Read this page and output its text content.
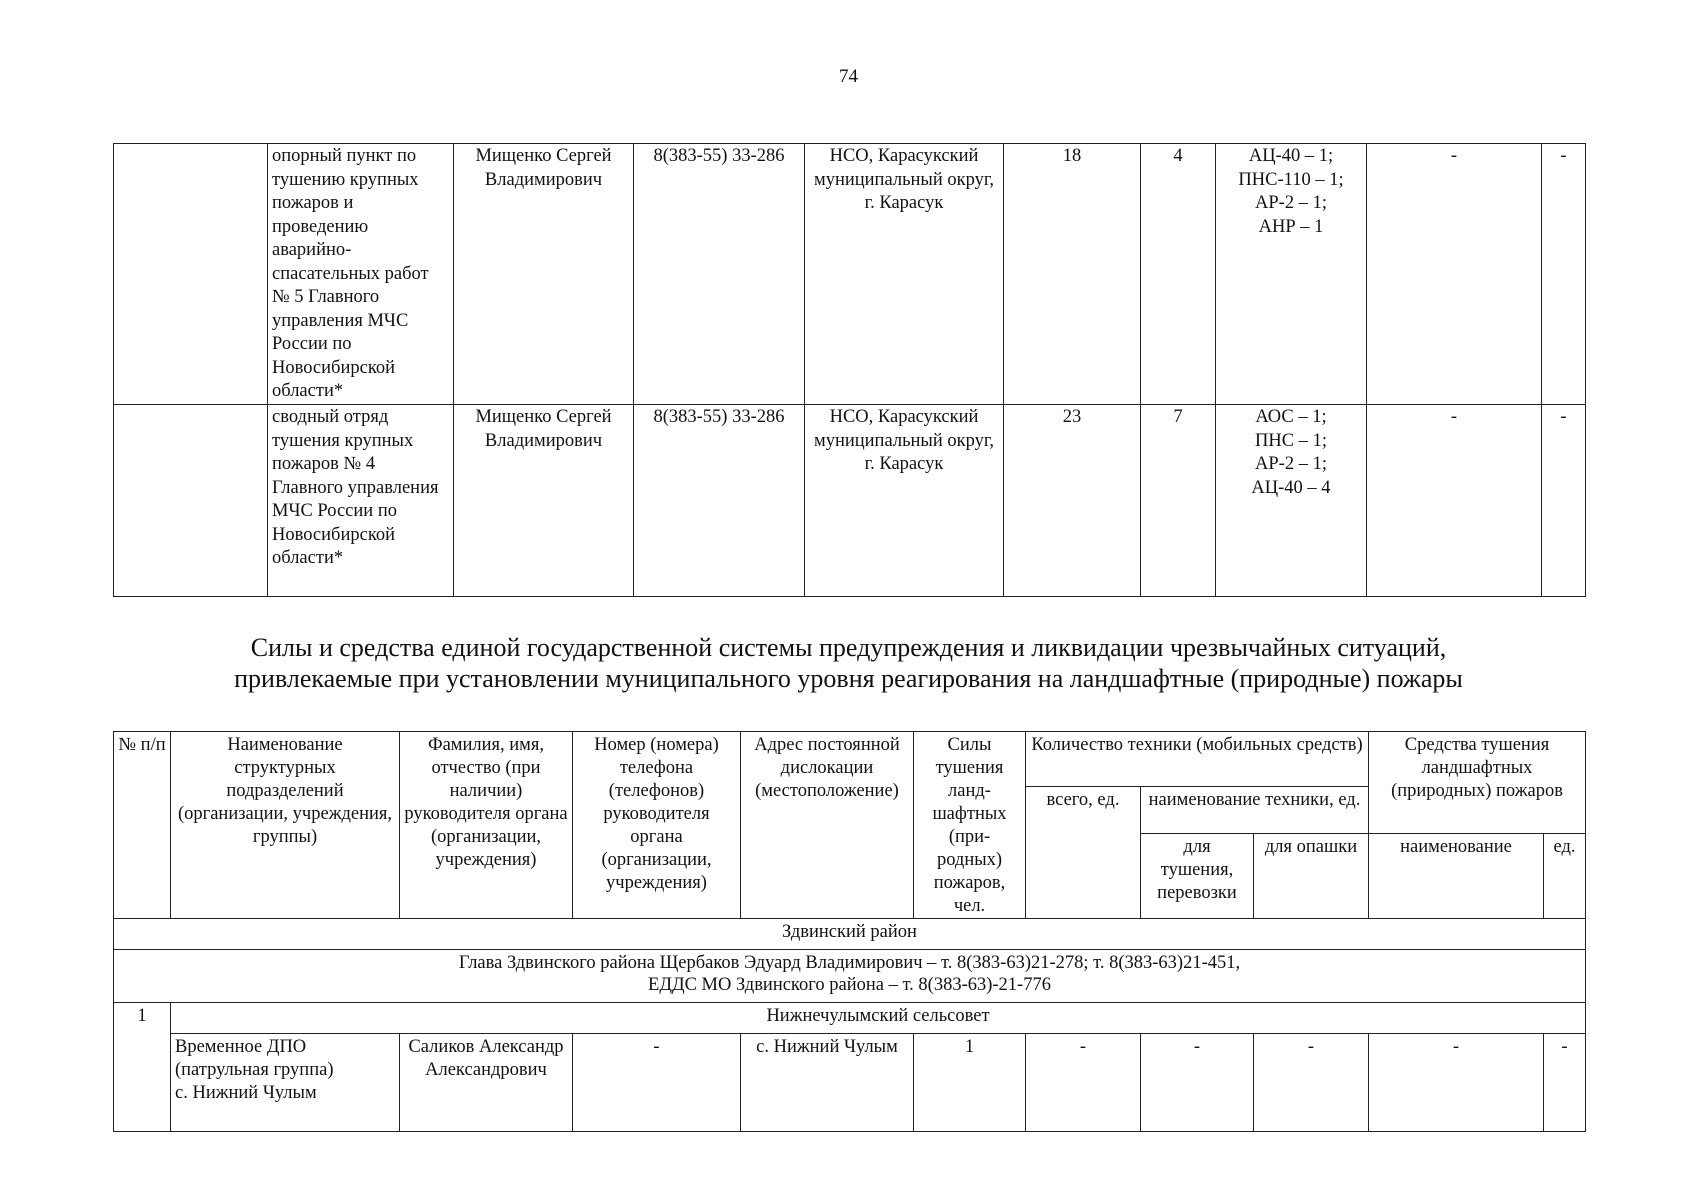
74
	опорный пункт по тушению крупных пожаров и проведению аварийно-спасательных работ № 5 Главного управления МЧС России по Новосибирской области*	Мищенко Сергей Владимирович	8(383-55) 33-286	НСО, Карасукский муниципальный округ, г. Карасук	18	4	АЦ-40 – 1;
ПНС-110 – 1;
АР-2 – 1;
АНР – 1	-	-
	сводный отряд тушения крупных пожаров № 4 Главного управления МЧС России по Новосибирской области*	Мищенко Сергей Владимирович	8(383-55) 33-286	НСО, Карасукский муниципальный округ, г. Карасук	23	7	АОС – 1;
ПНС – 1;
АР-2 – 1;
АЦ-40 – 4	-	-
Силы и средства единой государственной системы предупреждения и ликвидации чрезвычайных ситуаций,
привлекаемые при установлении муниципального уровня реагирования на ландшафтные (природные) пожары
№ п/п	Наименование структурных подразделений (организации, учреждения, группы)	Фамилия, имя, отчество (при наличии) руководителя органа (организации, учреждения)	Номер (номера) телефона (телефонов) руководителя органа (организации, учреждения)	Адрес постоянной дислокации (местоположение)	Силы тушения ланд-шафтных (при-родных) пожаров, чел.	Количество техники (мобильных средств)			Средства тушения ландшафтных (природных) пожаров	
						всего, ед.	наименование техники, ед.			
							для тушения, перевозки	для опашки	наименование	ед.
Здвинский район										

Глава Здвинского района Щербаков Эдуард Владимирович – т. 8(383-63)21-278; т. 8(383-63)21-451,
ЕДДС МО Здвинского района – т. 8(383-63)-21-776										

1	Нижнечулымский сельсовет									

	Временное ДПО
(патрульная группа)
с. Нижний Чулым	Саликов Александр Александрович	-	с. Нижний Чулым	1	-	-	-	-	-
